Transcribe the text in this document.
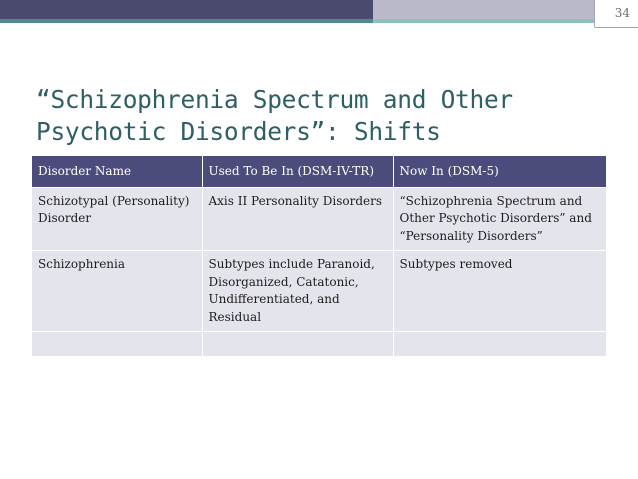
34
“Schizophrenia Spectrum and Other
Psychotic Disorders”: Shifts
Disorder Name	Used To Be In (DSM-IV-TR)	Now In (DSM-5)
Schizotypal (Personality) Disorder	Axis II Personality Disorders	“Schizophrenia Spectrum and Other Psychotic Disorders” and “Personality Disorders”
Schizophrenia	Subtypes include Paranoid, Disorganized, Catatonic, Undifferentiated, and Residual	Subtypes removed
